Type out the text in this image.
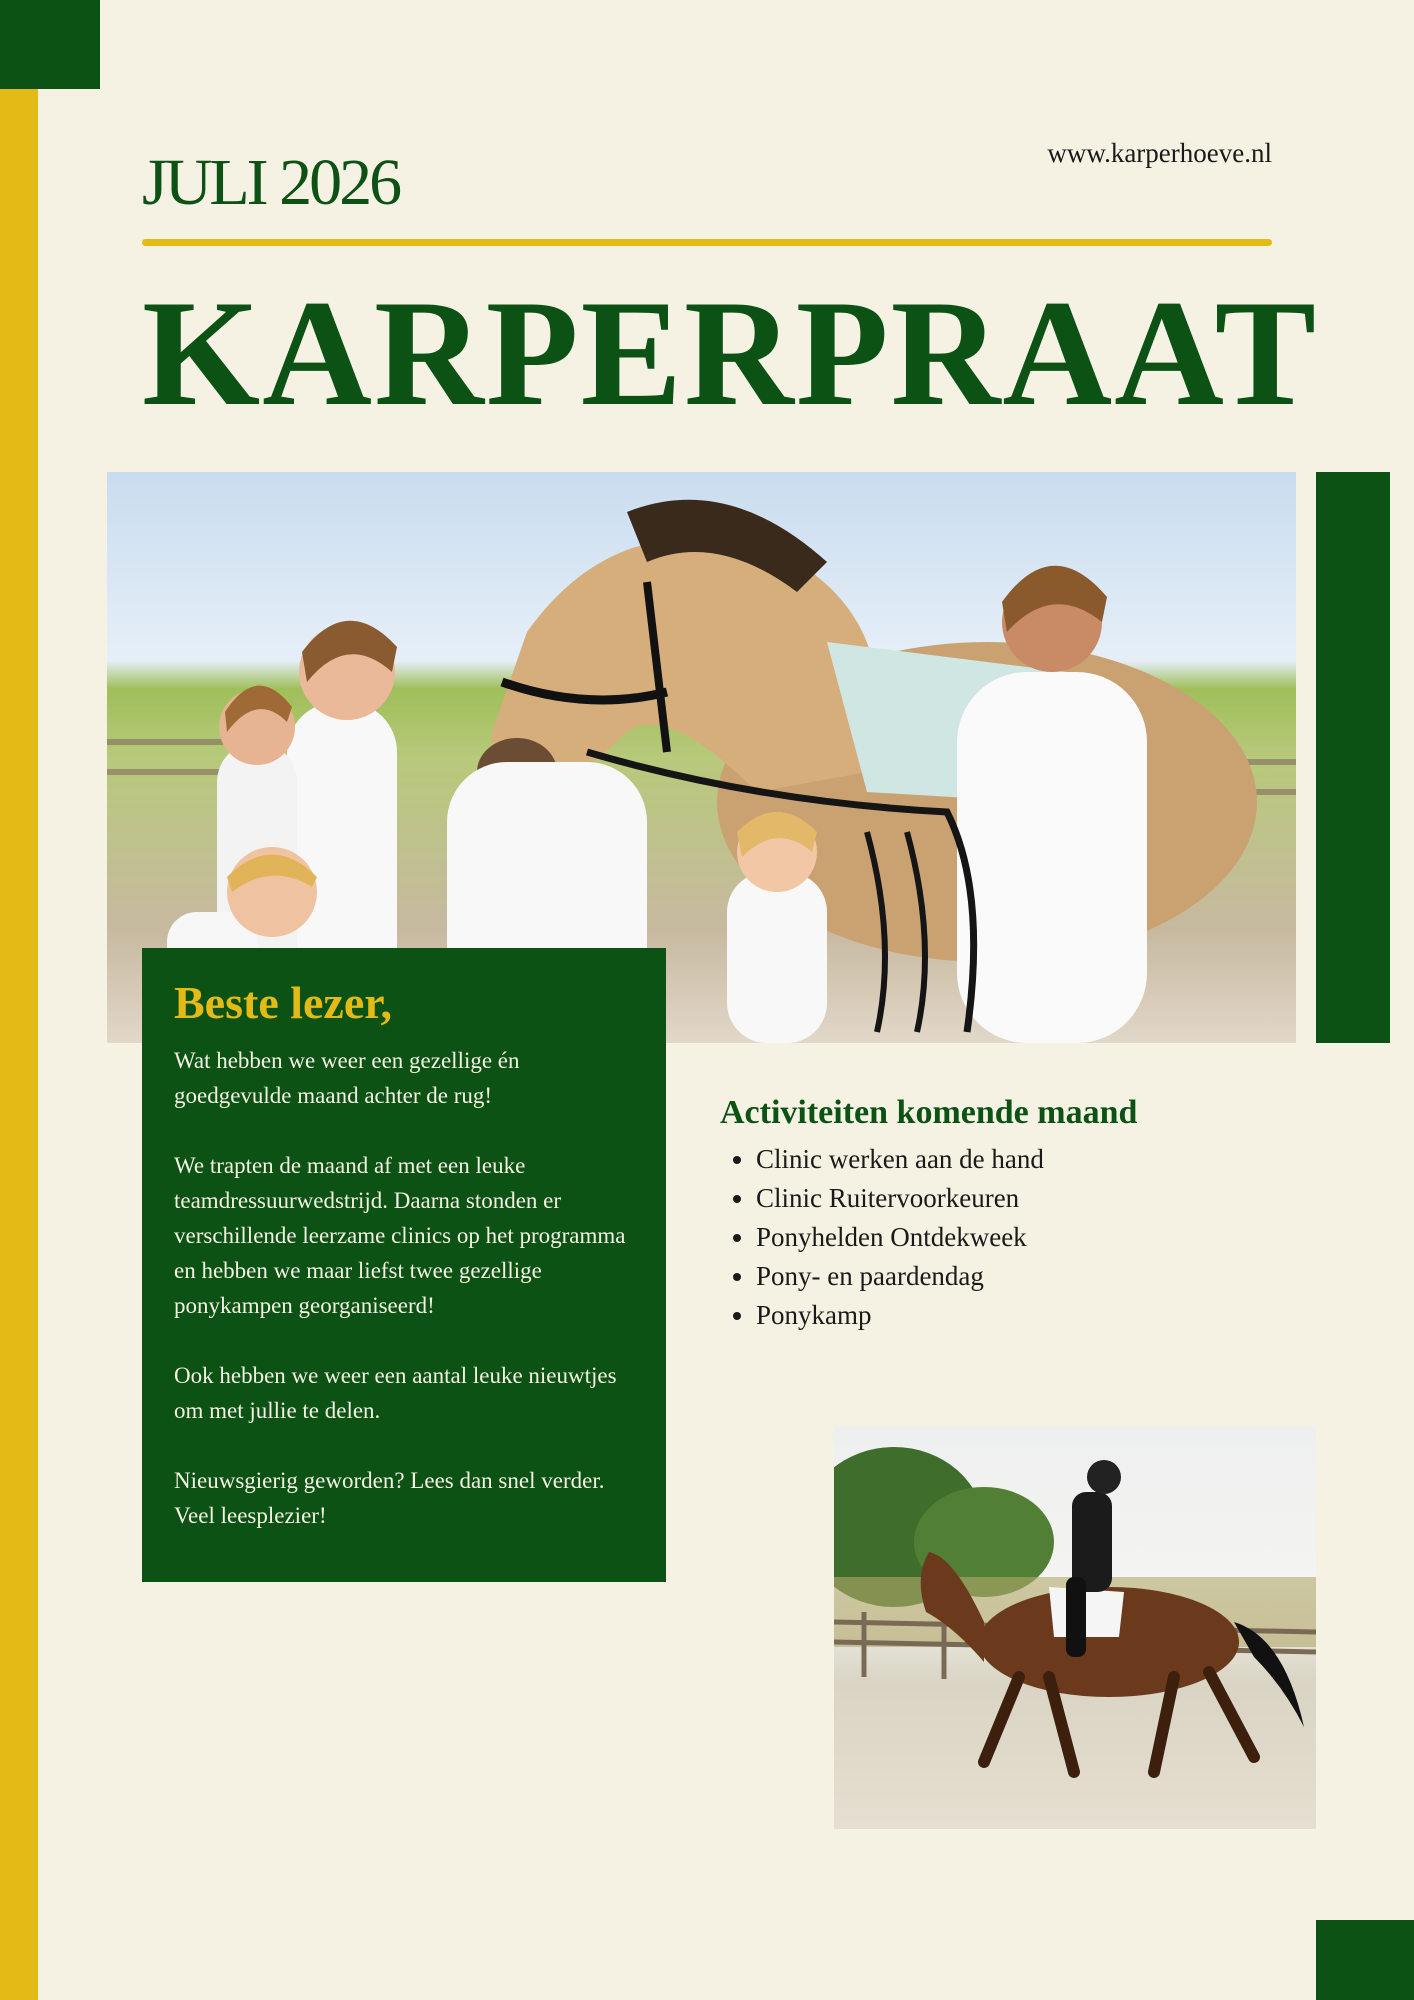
JULI 2026	www.karperhoeve.nl
KARPERPRAAT
Beste lezer,

Wat hebben we weer een gezellige én goedgevulde maand achter de rug!

We trapten de maand af met een leuke teamdressuurwedstrijd. Daarna stonden er verschillende leerzame clinics op het programma en hebben we maar liefst twee gezellige ponykampen georganiseerd!

Ook hebben we weer een aantal leuke nieuwtjes om met jullie te delen.

Nieuwsgierig geworden? Lees dan snel verder. Veel leesplezier!

Activiteiten komende maand
• Clinic werken aan de hand
• Clinic Ruitervoorkeuren
• Ponyhelden Ontdekweek
• Pony- en paardendag
• Ponykamp
